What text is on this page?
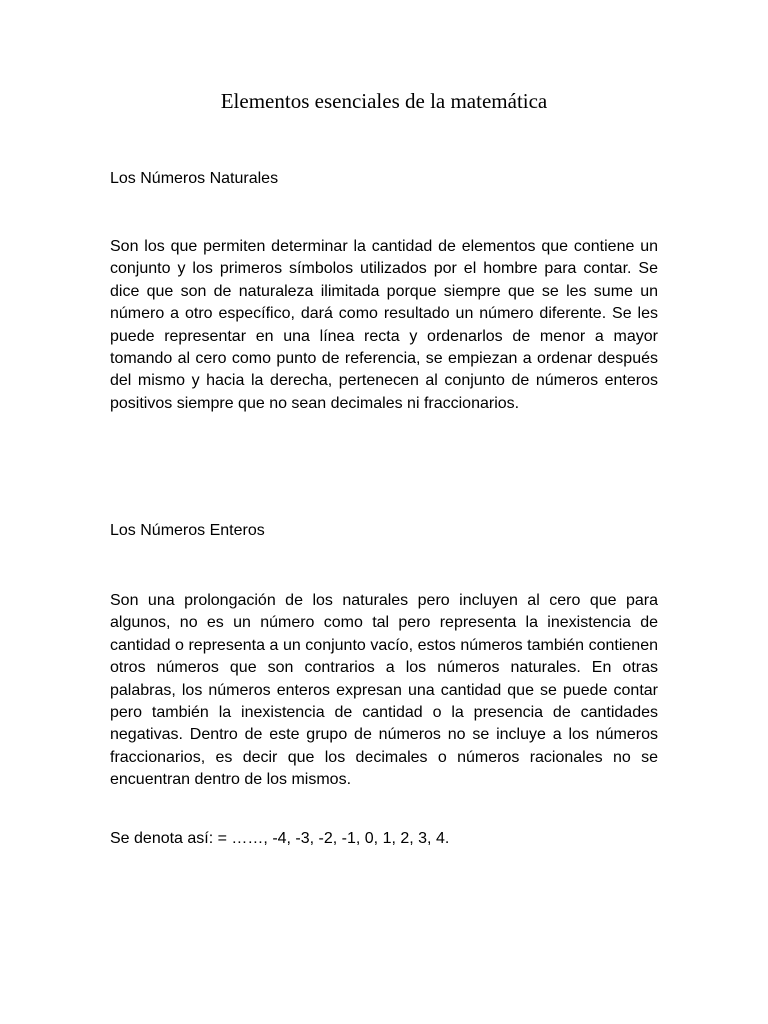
Elementos esenciales de la matemática
Los Números Naturales

Son los que permiten determinar la cantidad de elementos que contiene un conjunto y los primeros símbolos utilizados por el hombre para contar. Se dice que son de naturaleza ilimitada porque siempre que se les sume un número a otro específico, dará como resultado un número diferente. Se les puede representar en una línea recta y ordenarlos de menor a mayor tomando al cero como punto de referencia, se empiezan a ordenar después del mismo y hacia la derecha, pertenecen al conjunto de números enteros positivos siempre que no sean decimales ni fraccionarios.

Los Números Enteros

Son una prolongación de los naturales pero incluyen al cero que para algunos, no es un número como tal pero representa la inexistencia de cantidad o representa a un conjunto vacío, estos números también contienen otros números que son contrarios a los números naturales. En otras palabras, los números enteros expresan una cantidad que se puede contar pero también la inexistencia de cantidad o la presencia de cantidades negativas. Dentro de este grupo de números no se incluye a los números fraccionarios, es decir que los decimales o números racionales no se encuentran dentro de los mismos.

Se denota así: = ……, -4, -3, -2, -1, 0, 1, 2, 3, 4.
